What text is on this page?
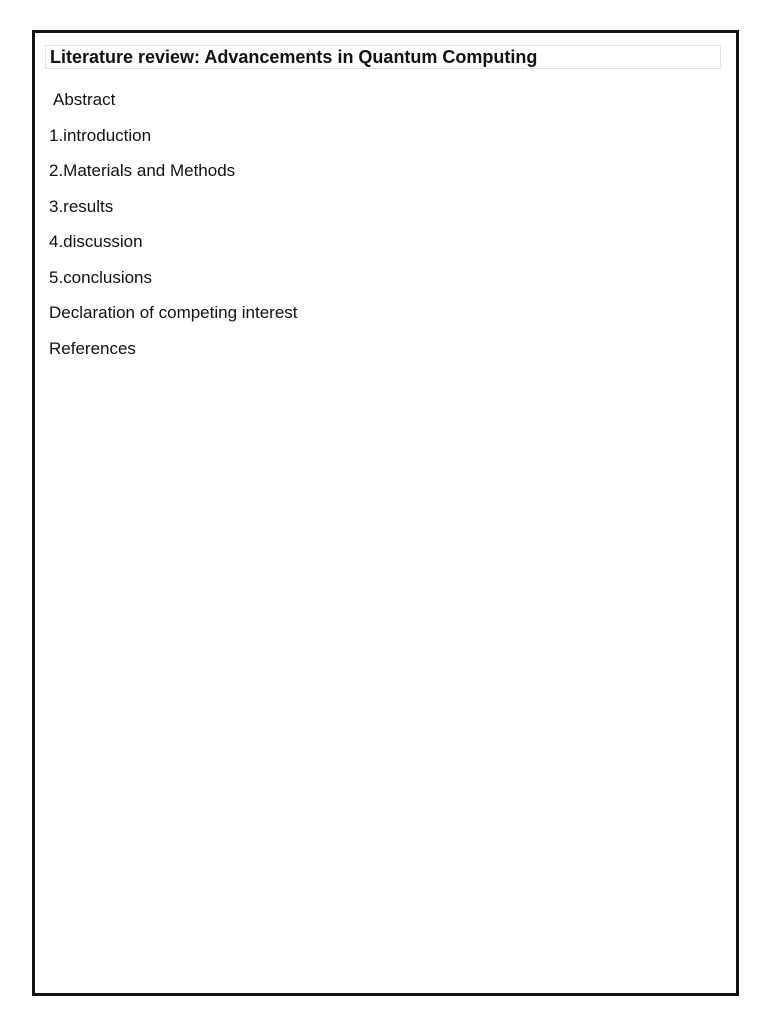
Literature review: Advancements in Quantum Computing
Abstract
1.introduction
2.Materials and Methods
3.results
4.discussion
5.conclusions
Declaration of competing interest
References
